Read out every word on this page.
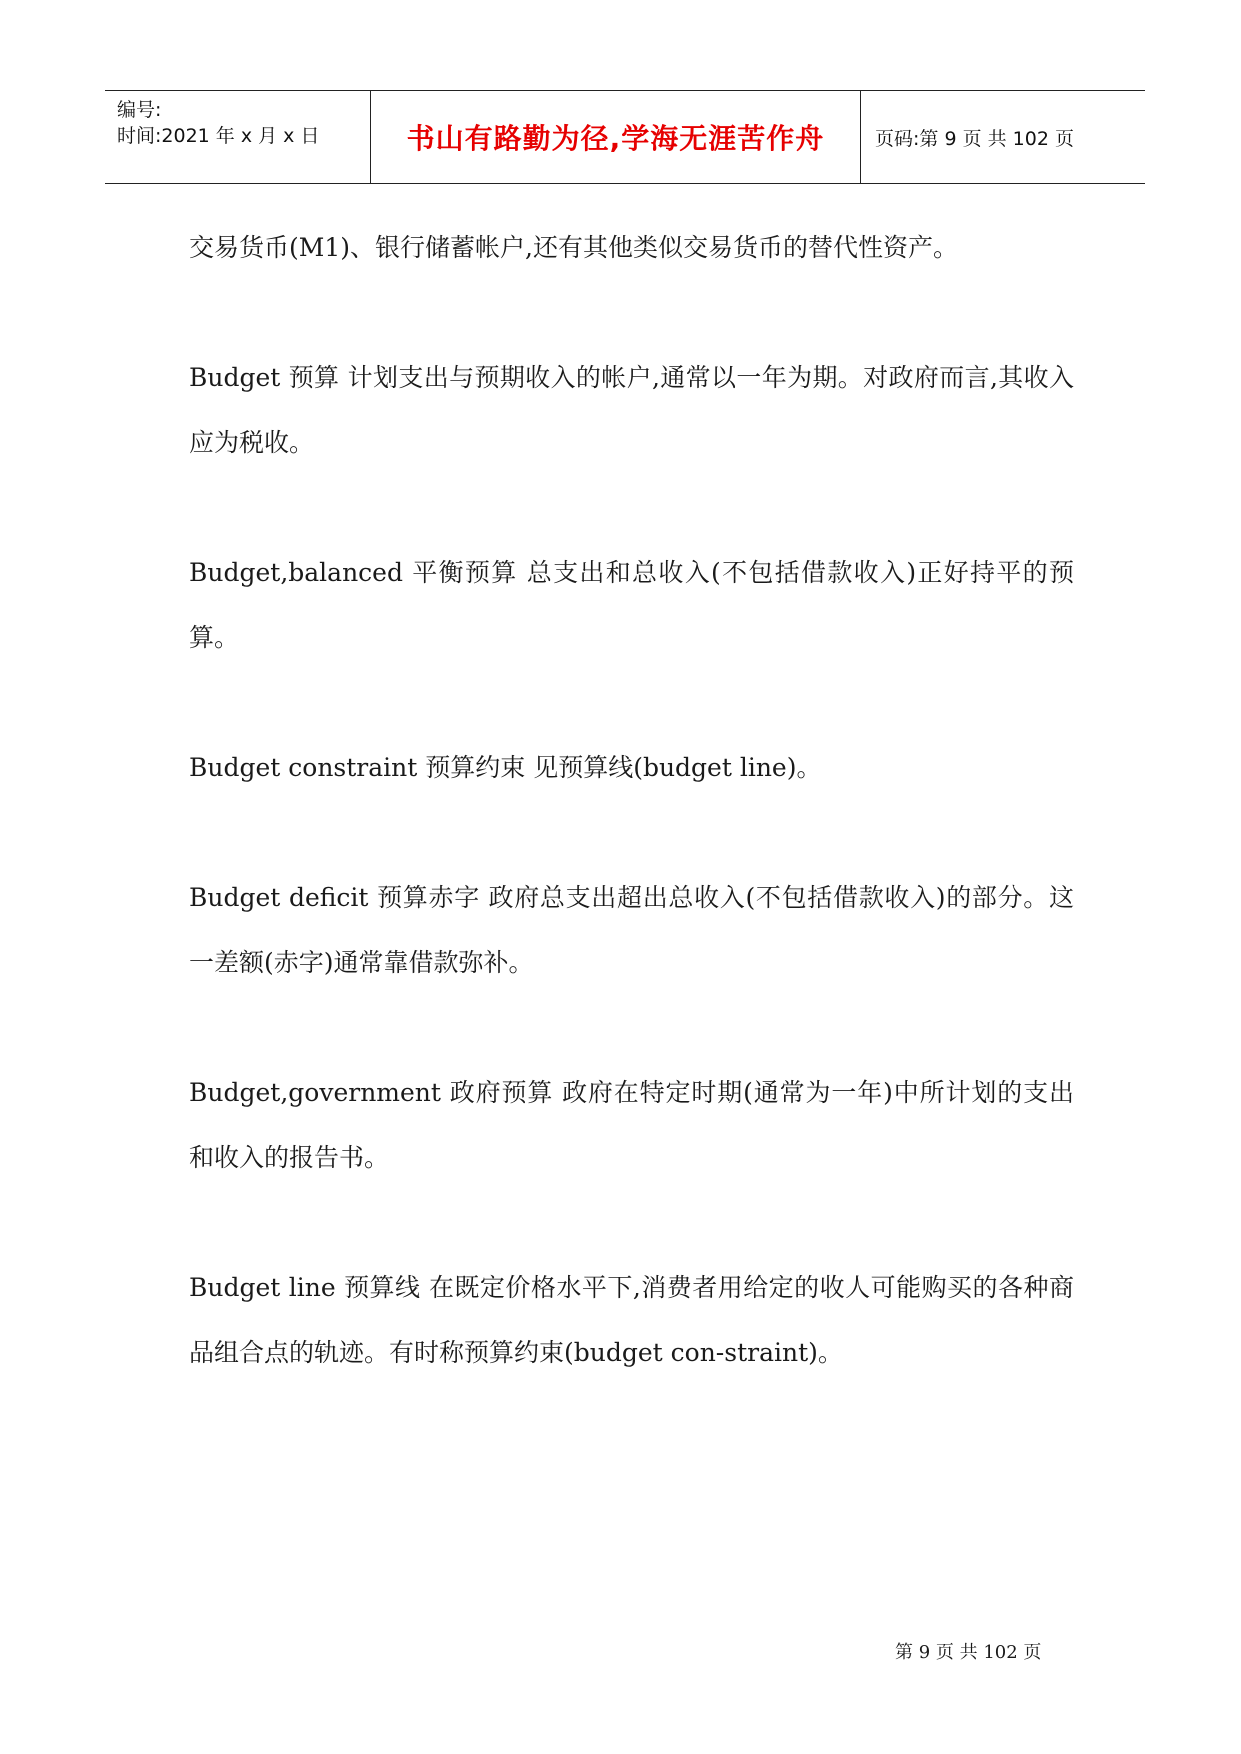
编号:
时间:2021 年 x 月 x 日	书山有路勤为径,学海无涯苦作舟	页码:第 9 页 共 102 页

交易货币(M1)、银行储蓄帐户,还有其他类似交易货币的替代性资产。

Budget 预算 计划支出与预期收入的帐户,通常以一年为期。对政府而言,其收入应为税收。

Budget,balanced 平衡预算 总支出和总收入(不包括借款收入)正好持平的预算。

Budget constraint 预算约束 见预算线(budget line)。

Budget deficit 预算赤字 政府总支出超出总收入(不包括借款收入)的部分。这一差额(赤字)通常靠借款弥补。

Budget,government 政府预算 政府在特定时期(通常为一年)中所计划的支出和收入的报告书。

Budget line 预算线 在既定价格水平下,消费者用给定的收人可能购买的各种商品组合点的轨迹。有时称预算约束(budget con-straint)。

第 9 页 共 102 页
